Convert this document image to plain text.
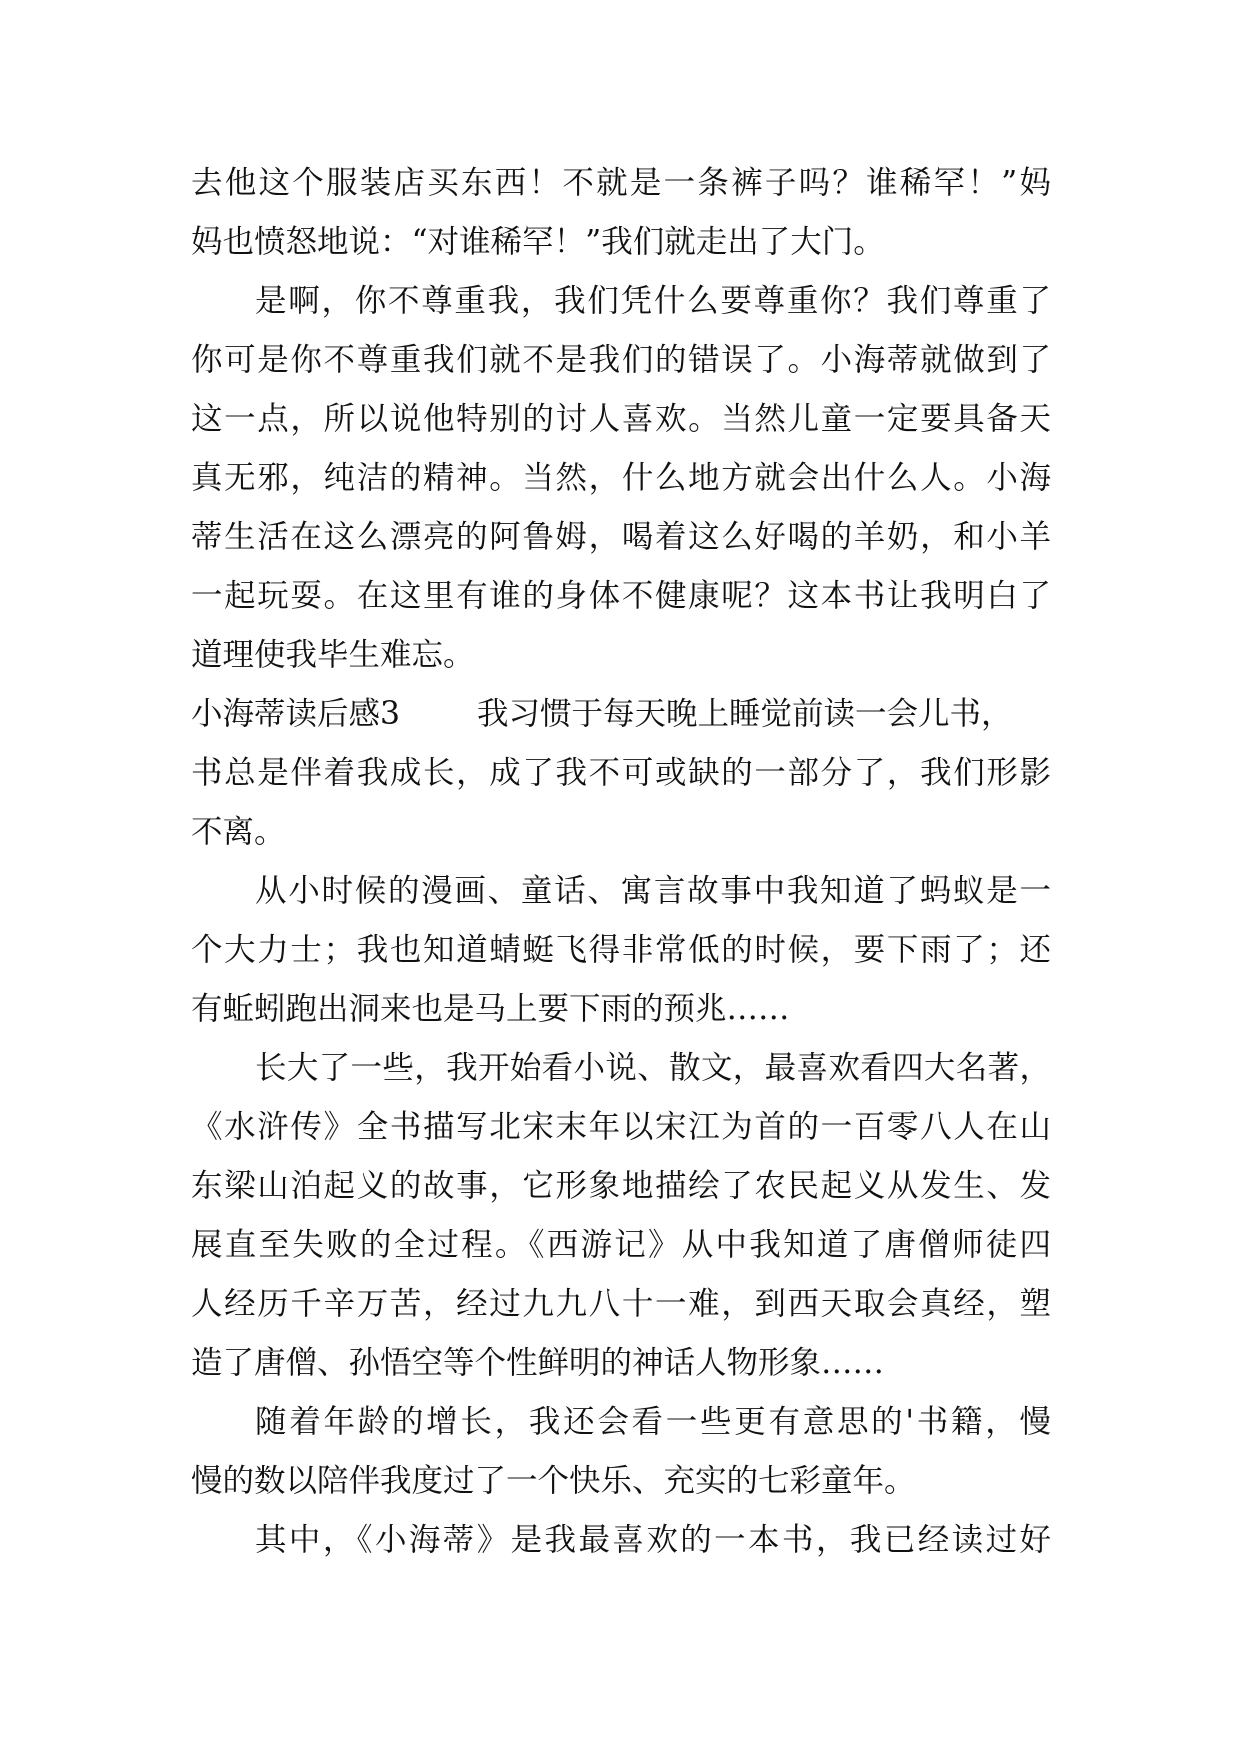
去他这个服装店买东西！不就是一条裤子吗？谁稀罕！”妈
妈也愤怒地说：“对谁稀罕！”我们就走出了大门。
是啊，你不尊重我，我们凭什么要尊重你？我们尊重了
你可是你不尊重我们就不是我们的错误了。小海蒂就做到了
这一点，所以说他特别的讨人喜欢。当然儿童一定要具备天
真无邪，纯洁的精神。当然，什么地方就会出什么人。小海
蒂生活在这么漂亮的阿鲁姆，喝着这么好喝的羊奶，和小羊
一起玩耍。在这里有谁的身体不健康呢？这本书让我明白了
道理使我毕生难忘。
小海蒂读后感3 我习惯于每天晚上睡觉前读一会儿书，
书总是伴着我成长，成了我不可或缺的一部分了，我们形影
不离。
从小时候的漫画、童话、寓言故事中我知道了蚂蚁是一
个大力士；我也知道蜻蜓飞得非常低的时候，要下雨了；还
有蚯蚓跑出洞来也是马上要下雨的预兆……
长大了一些，我开始看小说、散文，最喜欢看四大名著，
《水浒传》全书描写北宋末年以宋江为首的一百零八人在山
东梁山泊起义的故事，它形象地描绘了农民起义从发生、发
展直至失败的全过程。《西游记》从中我知道了唐僧师徒四
人经历千辛万苦，经过九九八十一难，到西天取会真经，塑
造了唐僧、孙悟空等个性鲜明的神话人物形象……
随着年龄的增长，我还会看一些更有意思的'书籍，慢
慢的数以陪伴我度过了一个快乐、充实的七彩童年。
其中，《小海蒂》是我最喜欢的一本书，我已经读过好
